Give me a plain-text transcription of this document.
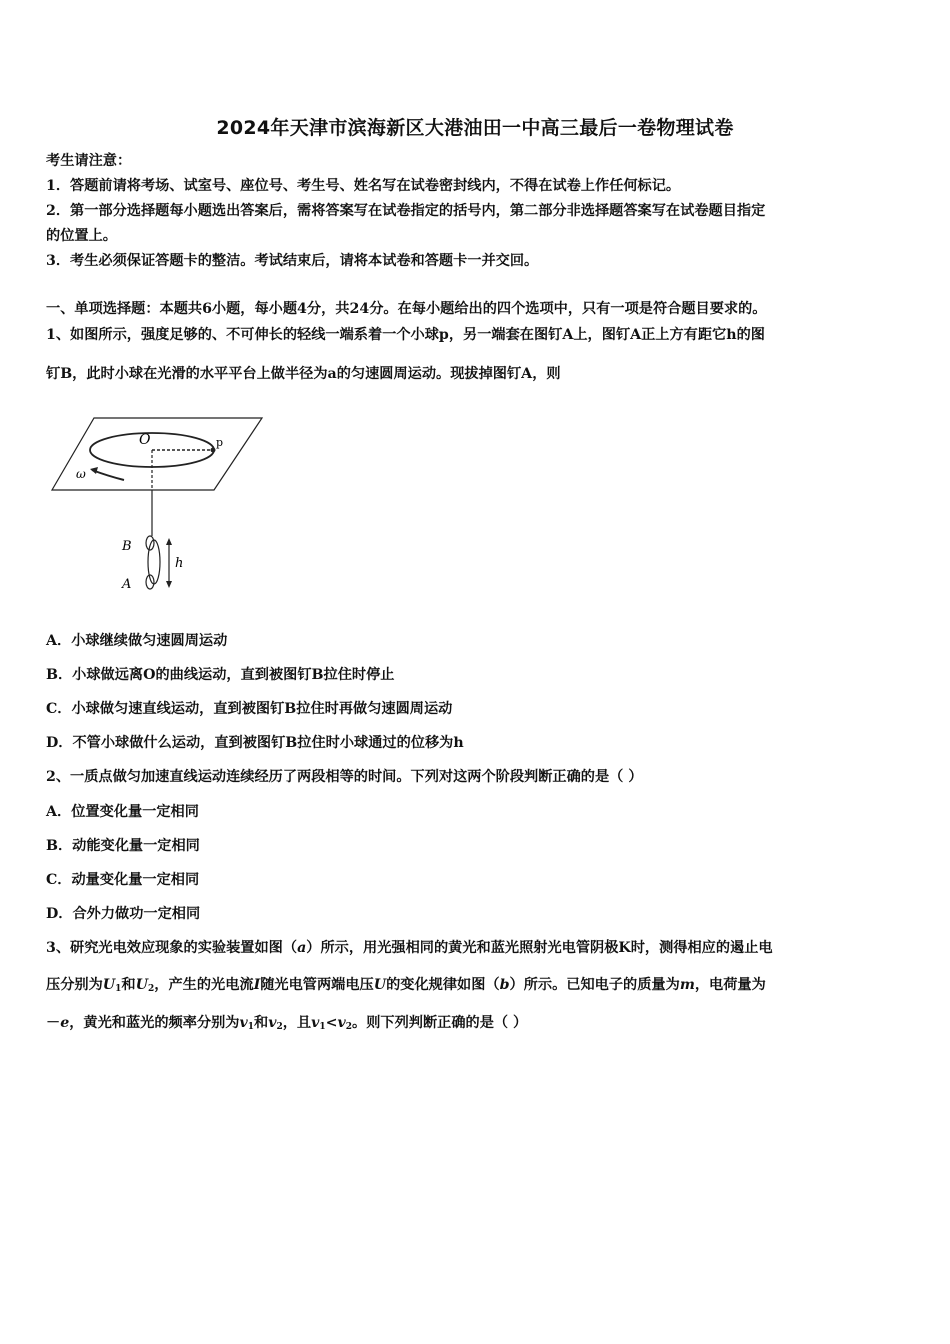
2024年天津市滨海新区大港油田一中高三最后一卷物理试卷
考生请注意：
1．答题前请将考场、试室号、座位号、考生号、姓名写在试卷密封线内，不得在试卷上作任何标记。
2．第一部分选择题每小题选出答案后，需将答案写在试卷指定的括号内，第二部分非选择题答案写在试卷题目指定
的位置上。
3．考生必须保证答题卡的整洁。考试结束后，请将本试卷和答题卡一并交回。
一、单项选择题：本题共6小题，每小题4分，共24分。在每小题给出的四个选项中，只有一项是符合题目要求的。
1、如图所示，强度足够的、不可伸长的轻线一端系着一个小球p，另一端套在图钉A上，图钉A正上方有距它h的图
钉B，此时小球在光滑的水平平台上做半径为a的匀速圆周运动。现拔掉图钉A，则
O	p
ω
B
A
h
A．小球继续做匀速圆周运动
B．小球做远离O的曲线运动，直到被图钉B拉住时停止
C．小球做匀速直线运动，直到被图钉B拉住时再做匀速圆周运动
D．不管小球做什么运动，直到被图钉B拉住时小球通过的位移为h
2、一质点做匀加速直线运动连续经历了两段相等的时间。下列对这两个阶段判断正确的是（ ）
A．位置变化量一定相同
B．动能变化量一定相同
C．动量变化量一定相同
D．合外力做功一定相同
3、研究光电效应现象的实验装置如图（a）所示，用光强相同的黄光和蓝光照射光电管阴极K时，测得相应的遏止电
压分别为$U_1$和$U_2$，产生的光电流I随光电管两端电压U的变化规律如图（b）所示。已知电子的质量为m，电荷量为
－e，黄光和蓝光的频率分别为$v_1$和$v_2$，且$v_1<v_2$。则下列判断正确的是（ ）
